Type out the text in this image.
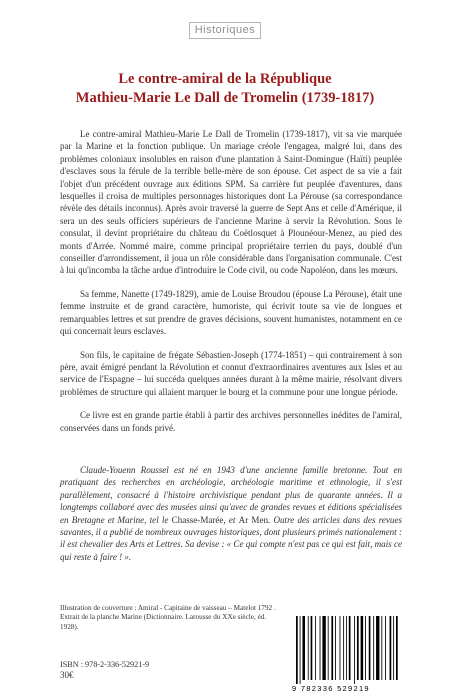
Historiques
Le contre-amiral de la République
Mathieu-Marie Le Dall de Tromelin (1739-1817)

Le contre-amiral Mathieu-Marie Le Dall de Tromelin (1739-1817), vit sa vie marquée par la Marine et la fonction publique. Un mariage créole l'engagea, malgré lui, dans des problèmes coloniaux insolubles en raison d'une plantation à Saint-Domingue (Haïti) peuplée d'esclaves sous la férule de la terrible belle-mère de son épouse. Cet aspect de sa vie a fait l'objet d'un précédent ouvrage aux éditions SPM. Sa carrière fut peuplée d'aventures, dans lesquelles il croisa de multiples personnages historiques dont La Pérouse (sa correspondance révèle des détails inconnus). Après avoir traversé la guerre de Sept Ans et celle d'Amérique, il sera un des seuls officiers supérieurs de l'ancienne Marine à servir la Révolution. Sous le consulat, il devint propriétaire du château du Coëtlosquet à Plounéour-Menez, au pied des monts d'Arrée. Nommé maire, comme principal propriétaire terrien du pays, doublé d'un conseiller d'arrondissement, il joua un rôle considérable dans l'organisation communale. C'est à lui qu'incomba la tâche ardue d'introduire le Code civil, ou code Napoléon, dans les mœurs.

Sa femme, Nanette (1749-1829), amie de Louise Broudou (épouse La Pérouse), était une femme instruite et de grand caractère, humoriste, qui écrivit toute sa vie de longues et remarquables lettres et sut prendre de graves décisions, souvent humanistes, notamment en ce qui concernait leurs esclaves.

Son fils, le capitaine de frégate Sébastien-Joseph (1774-1851) – qui contrairement à son père, avait émigré pendant la Révolution et connut d'extraordinaires aventures aux Isles et au service de l'Espagne – lui succéda quelques années durant à la même mairie, résolvant divers problèmes de structure qui allaient marquer le bourg et la commune pour une longue période.

Ce livre est en grande partie établi à partir des archives personnelles inédites de l'amiral, conservées dans un fonds privé.

Claude-Youenn Roussel est né en 1943 d'une ancienne famille bretonne. Tout en pratiquant des recherches en archéologie, archéologie maritime et ethnologie, il s'est parallèlement, consacré à l'histoire archivistique pendant plus de quarante années. Il a longtemps collaboré avec des musées ainsi qu'avec de grandes revues et éditions spécialisées en Bretagne et Marine, tel le Chasse-Marée, et Ar Men. Outre des articles dans des revues savantes, il a publié de nombreux ouvrages historiques, dont plusieurs primés nationalement : il est chevalier des Arts et Lettres. Sa devise : « Ce qui compte n'est pas ce qui est fait, mais ce qui reste à faire ! ».

Illustration de couverture : Amiral - Capitaine de vaisseau – Matelot 1792 . Extrait de la planche Marine (Dictionnaire. Larousse du XXe siècle, éd. 1928).
ISBN : 978-2-336-52921-9
30€
9 782336 529219
